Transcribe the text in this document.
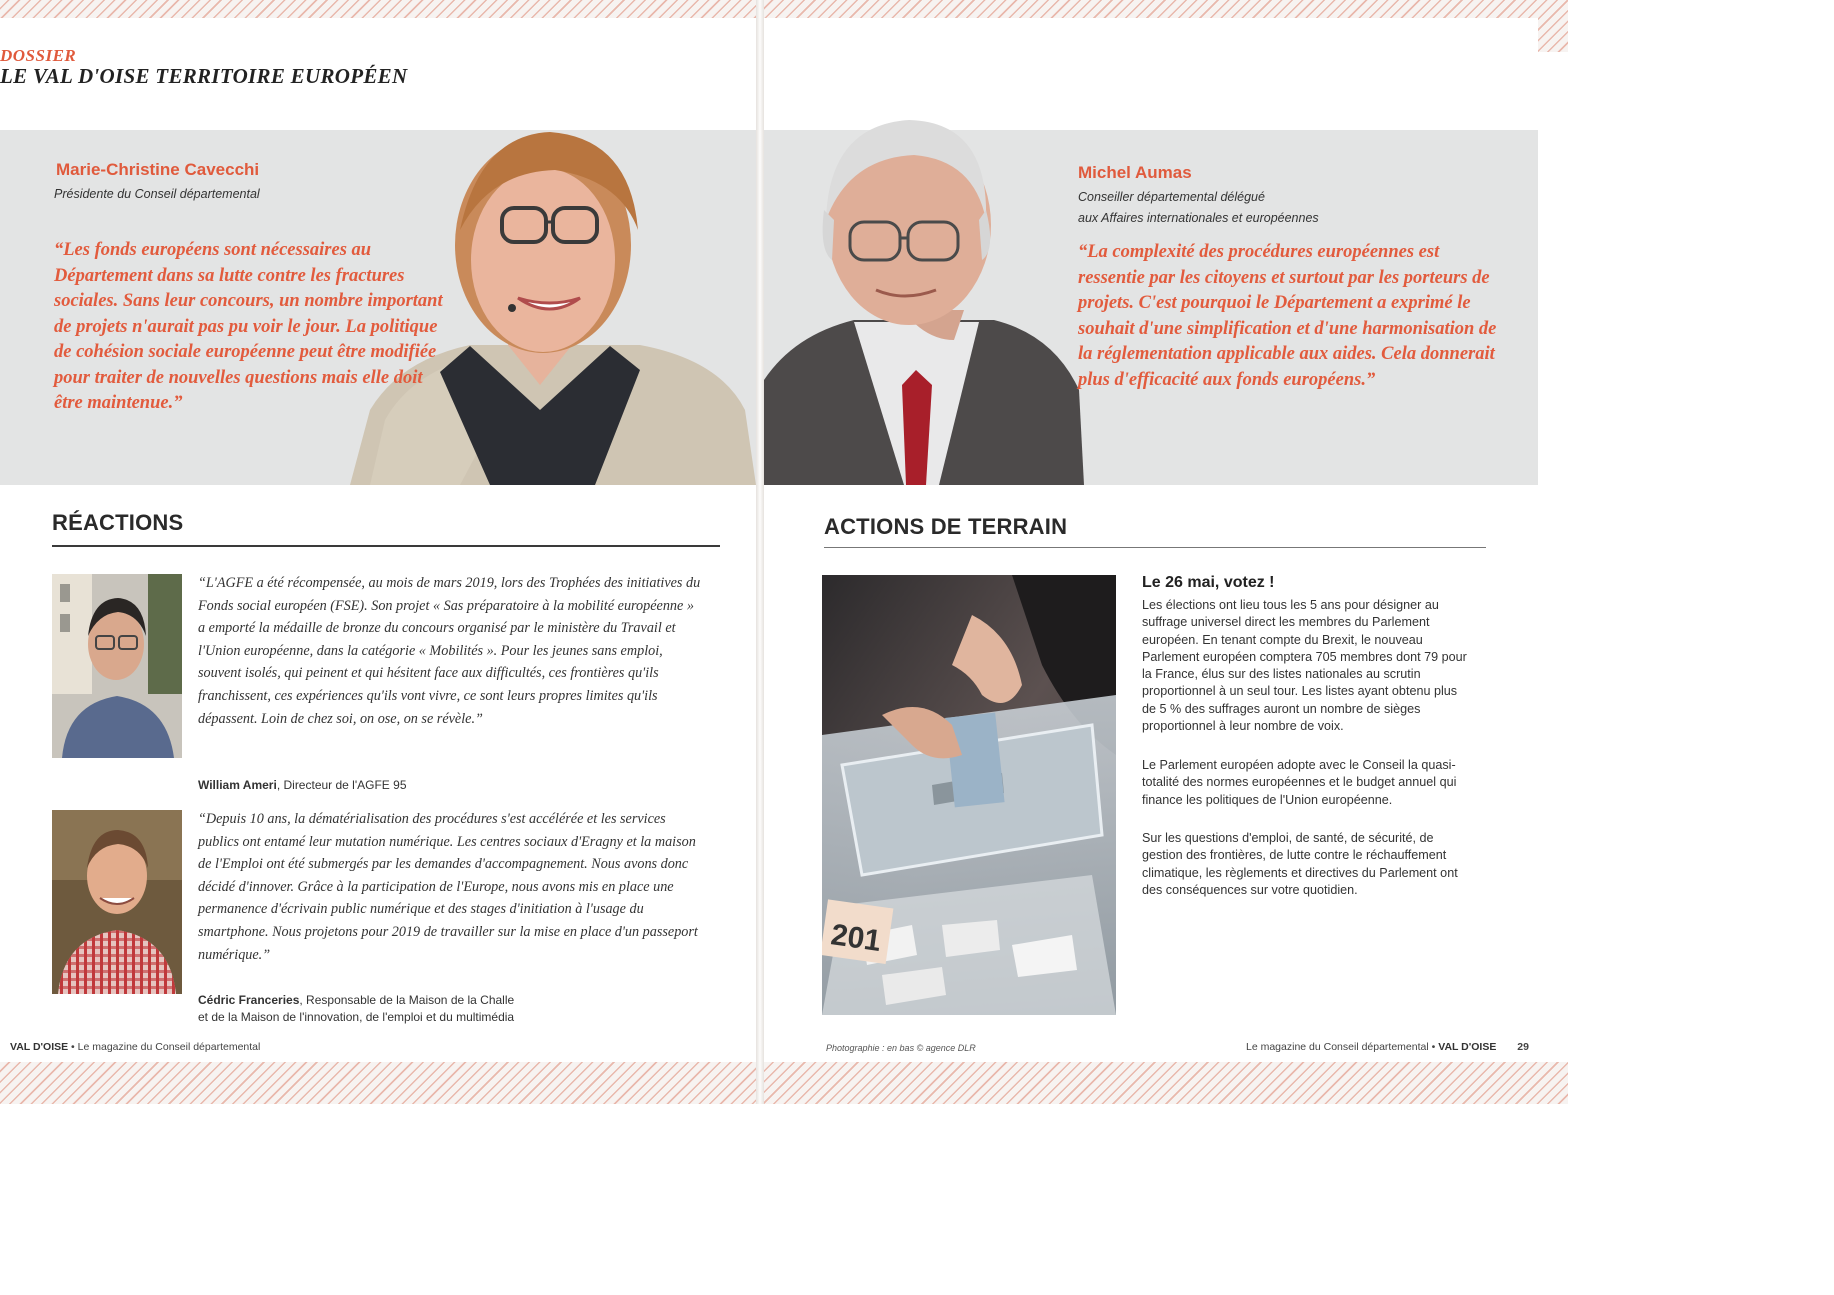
DOSSIER
LE VAL D'OISE TERRITOIRE EUROPÉEN
Marie-Christine Cavecchi
Présidente du Conseil départemental
“Les fonds européens sont nécessaires au Département dans sa lutte contre les fractures sociales. Sans leur concours, un nombre important de projets n'aurait pas pu voir le jour. La politique de cohésion sociale européenne peut être modifiée pour traiter de nouvelles questions mais elle doit être maintenue.”
Michel Aumas
Conseiller départemental délégué
aux Affaires internationales et européennes
“La complexité des procédures européennes est ressentie par les citoyens et surtout par les porteurs de projets. C'est pourquoi le Département a exprimé le souhait d'une simplification et d'une harmonisation de la réglementation applicable aux aides. Cela donnerait plus d'efficacité aux fonds européens.”
RÉACTIONS
“L'AGFE a été récompensée, au mois de mars 2019, lors des Trophées des initiatives du Fonds social européen (FSE). Son projet « Sas préparatoire à la mobilité européenne » a emporté la médaille de bronze du concours organisé par le ministère du Travail et l'Union européenne, dans la catégorie « Mobilités ». Pour les jeunes sans emploi, souvent isolés, qui peinent et qui hésitent face aux difficultés, ces frontières qu'ils franchissent, ces expériences qu'ils vont vivre, ce sont leurs propres limites qu'ils dépassent. Loin de chez soi, on ose, on se révèle.”
William Ameri, Directeur de l'AGFE 95
“Depuis 10 ans, la dématérialisation des procédures s'est accélérée et les services publics ont entamé leur mutation numérique. Les centres sociaux d'Eragny et la maison de l'Emploi ont été submergés par les demandes d'accompagnement. Nous avons donc décidé d'innover. Grâce à la participation de l'Europe, nous avons mis en place une permanence d'écrivain public numérique et des stages d'initiation à l'usage du smartphone. Nous projetons pour 2019 de travailler sur la mise en place d'un passeport numérique.”
Cédric Franceries, Responsable de la Maison de la Challe
et de la Maison de l'innovation, de l'emploi et du multimédia
ACTIONS DE TERRAIN
201
Le 26 mai, votez !
Les élections ont lieu tous les 5 ans pour désigner au suffrage universel direct les membres du Parlement européen. En tenant compte du Brexit, le nouveau Parlement européen comptera 705 membres dont 79 pour la France, élus sur des listes nationales au scrutin proportionnel à un seul tour. Les listes ayant obtenu plus de 5 % des suffrages auront un nombre de sièges proportionnel à leur nombre de voix.
Le Parlement européen adopte avec le Conseil la quasi-totalité des normes européennes et le budget annuel qui finance les politiques de l'Union européenne.
Sur les questions d'emploi, de santé, de sécurité, de gestion des frontières, de lutte contre le réchauffement climatique, les règlements et directives du Parlement ont des conséquences sur votre quotidien.
VAL D'OISE • Le magazine du Conseil départemental	Photographie : en bas © agence DLR	Le magazine du Conseil départemental • VAL D'OISE 29
